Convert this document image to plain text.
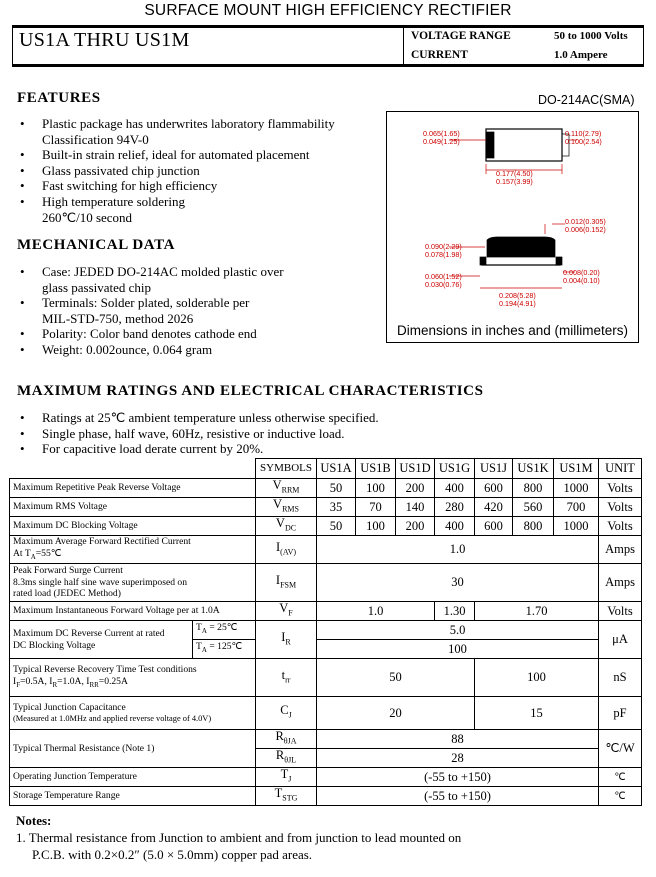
SURFACE MOUNT HIGH EFFICIENCY RECTIFIER
US1A THRU US1M	VOLTAGE RANGE	50 to 1000 Volts
CURRENT	1.0 Ampere
FEATURES
• Plastic package has underwrites laboratory flammability
Classification 94V-0
• Built-in strain relief, ideal for automated placement
• Glass passivated chip junction
• Fast switching for high efficiency
• High temperature soldering
260℃/10 second
DO-214AC(SMA)
0.065(1.65)
0.049(1.25)
0.110(2.79)
0.100(2.54)
0.177(4.50)
0.157(3.99)
0.012(0.305)
0.006(0.152)
0.090(2.29)
0.078(1.98)
0.060(1.52)
0.030(0.76)
0.008(0.20)
0.004(0.10)
0.208(5.28)
0.194(4.91)
Dimensions in inches and (millimeters)
MECHANICAL DATA
• Case: JEDED DO-214AC molded plastic over
glass passivated chip
• Terminals: Solder plated, solderable per
MIL-STD-750, method 2026
• Polarity: Color band denotes cathode end
• Weight: 0.002ounce, 0.064 gram
MAXIMUM RATINGS AND ELECTRICAL CHARACTERISTICS
• Ratings at 25℃ ambient temperature unless otherwise specified.
• Single phase, half wave, 60Hz, resistive or inductive load.
• For capacitive load derate current by 20%.
		SYMBOLS	US1A	US1B	US1D	US1G	US1J	US1K	US1M	UNIT
Maximum Repetitive Peak Reverse Voltage		$V_{RRM}$	50	100	200	400	600	800	1000	Volts
Maximum RMS Voltage		$V_{RMS}$	35	70	140	280	420	560	700	Volts
Maximum DC Blocking Voltage		$V_{DC}$	50	100	200	400	600	800	1000	Volts
Maximum Average Forward Rectified Current
At $T_A=55℃$		$I_{(AV)}$	1.0							Amps
Peak Forward Surge Current
8.3ms single half sine wave superimposed on
rated load (JEDEC Method)		$I_{FSM}$	30							Amps
Maximum Instantaneous Forward Voltage per at 1.0A		$V_F$	1.0			1.30	1.70			Volts
Maximum DC Reverse Current at rated
DC Blocking Voltage	$T_A$ = 25℃	$I_R$	5.0							μA
	$T_A$ = 125℃		100							
Typical Reverse Recovery Time Test conditions
$I_F=0.5A$, $I_R=1.0A$, $I_{RR}=0.25A$		$t_{rr}$	50				100			nS
Typical Junction Capacitance
(Measured at 1.0MHz and applied reverse voltage of 4.0V)		$C_J$	20				15			pF
Typical Thermal Resistance (Note 1)		$R_{\theta JA}$	88							℃/W
		$R_{\theta JL}$	28							
Operating Junction Temperature		$T_J$	(-55 to +150)							℃
Storage Temperature Range		$T_{STG}$	(-55 to +150)							℃
Notes:
1. Thermal resistance from Junction to ambient and from junction to lead mounted on
P.C.B. with 0.2×0.2″ (5.0 × 5.0mm) copper pad areas.
